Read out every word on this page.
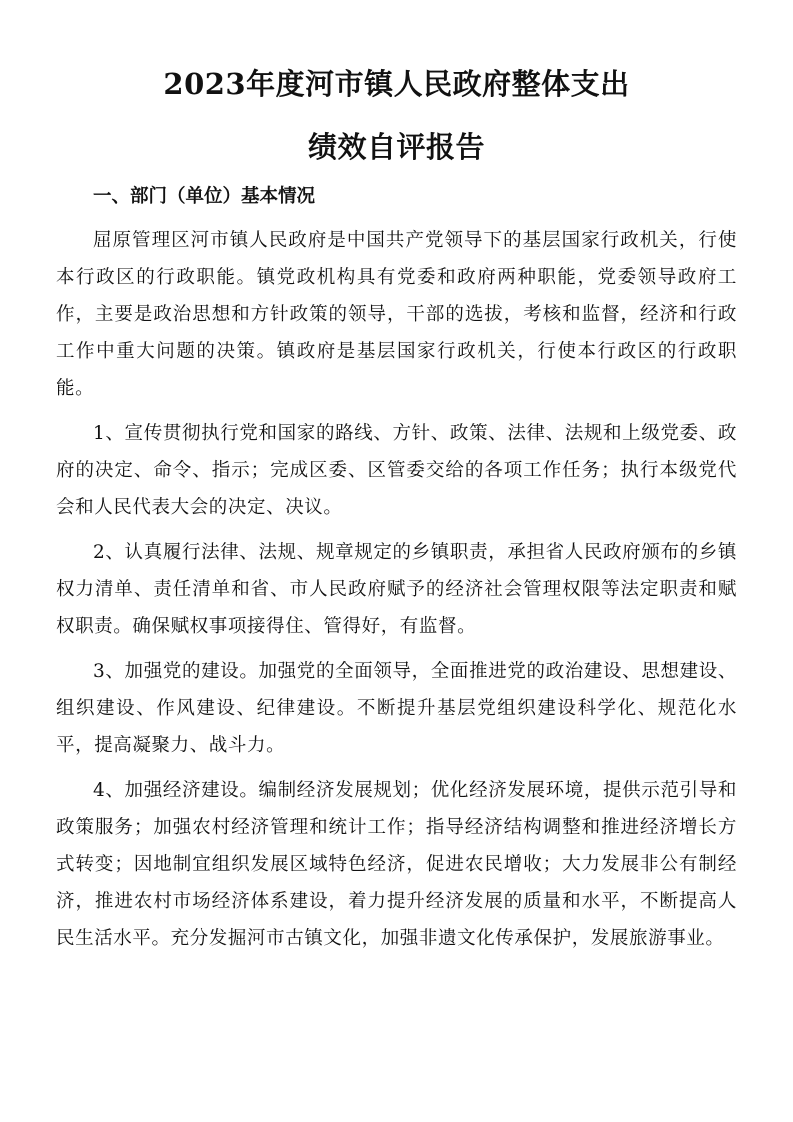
2023年度河市镇人民政府整体支出
绩效自评报告
一、部门（单位）基本情况

屈原管理区河市镇人民政府是中国共产党领导下的基层国家行政机关，行使本行政区的行政职能。镇党政机构具有党委和政府两种职能，党委领导政府工作，主要是政治思想和方针政策的领导，干部的选拔，考核和监督，经济和行政工作中重大问题的决策。镇政府是基层国家行政机关，行使本行政区的行政职能。

1、宣传贯彻执行党和国家的路线、方针、政策、法律、法规和上级党委、政府的决定、命令、指示；完成区委、区管委交给的各项工作任务；执行本级党代会和人民代表大会的决定、决议。

2、认真履行法律、法规、规章规定的乡镇职责，承担省人民政府颁布的乡镇权力清单、责任清单和省、市人民政府赋予的经济社会管理权限等法定职责和赋权职责。确保赋权事项接得住、管得好，有监督。

3、加强党的建设。加强党的全面领导，全面推进党的政治建设、思想建设、组织建设、作风建设、纪律建设。不断提升基层党组织建设科学化、规范化水平，提高凝聚力、战斗力。

4、加强经济建设。编制经济发展规划；优化经济发展环境，提供示范引导和政策服务；加强农村经济管理和统计工作；指导经济结构调整和推进经济增长方式转变；因地制宜组织发展区域特色经济，促进农民增收；大力发展非公有制经济，推进农村市场经济体系建设，着力提升经济发展的质量和水平，不断提高人民生活水平。充分发掘河市古镇文化，加强非遗文化传承保护，发展旅游事业。
